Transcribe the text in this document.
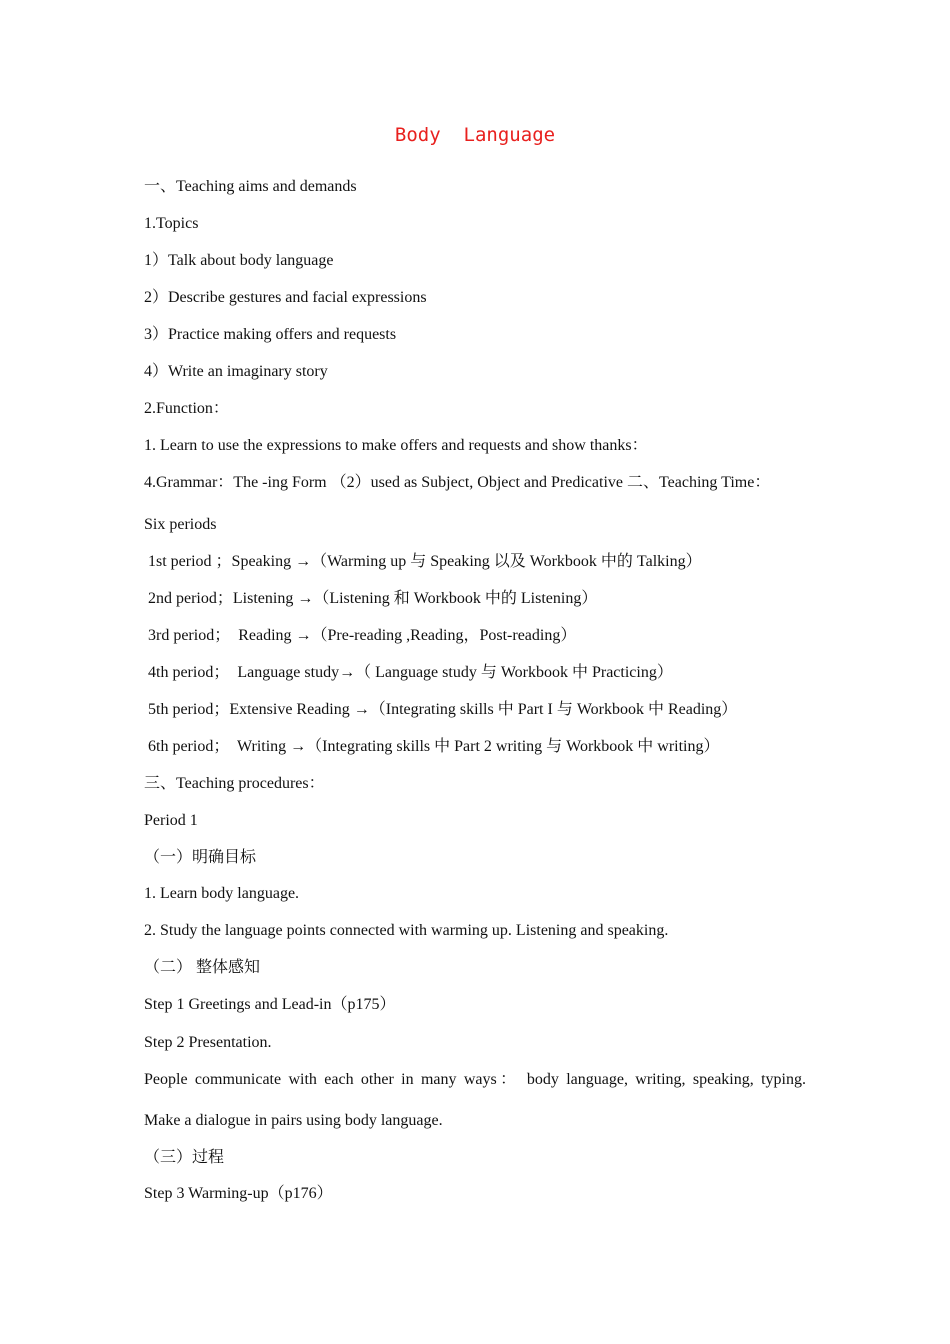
Body  Language
一、Teaching aims and demands
1.Topics
1）Talk about body language
2）Describe gestures and facial expressions
3）Practice making offers and requests
4）Write an imaginary story
2.Function：
1. Learn to use the expressions to make offers and requests and show thanks：
4.Grammar：The -ing Form （2）used as Subject, Object and Predicative 二、Teaching Time：
Six periods
1st period ；Speaking →（Warming up 与 Speaking 以及 Workbook 中的 Talking）
2nd period；Listening →（Listening 和 Workbook 中的 Listening）
3rd period；  Reading →（Pre-reading ,Reading，Post-reading）
4th period；  Language study→（ Language study 与 Workbook 中 Practicing）
5th period；Extensive Reading →（Integrating skills 中 Part I 与 Workbook 中 Reading）
6th period；  Writing →（Integrating skills 中 Part 2 writing 与 Workbook 中 writing）
三、Teaching procedures：
Period 1
（一）明确目标
1. Learn body language.
2. Study the language points connected with warming up. Listening and speaking.
（二） 整体感知
Step 1 Greetings and Lead-in（p175）
Step 2 Presentation.
People communicate with each other in many ways： body language, writing, speaking, typing.
Make a dialogue in pairs using body language.
（三）过程
Step 3 Warming-up（p176）
